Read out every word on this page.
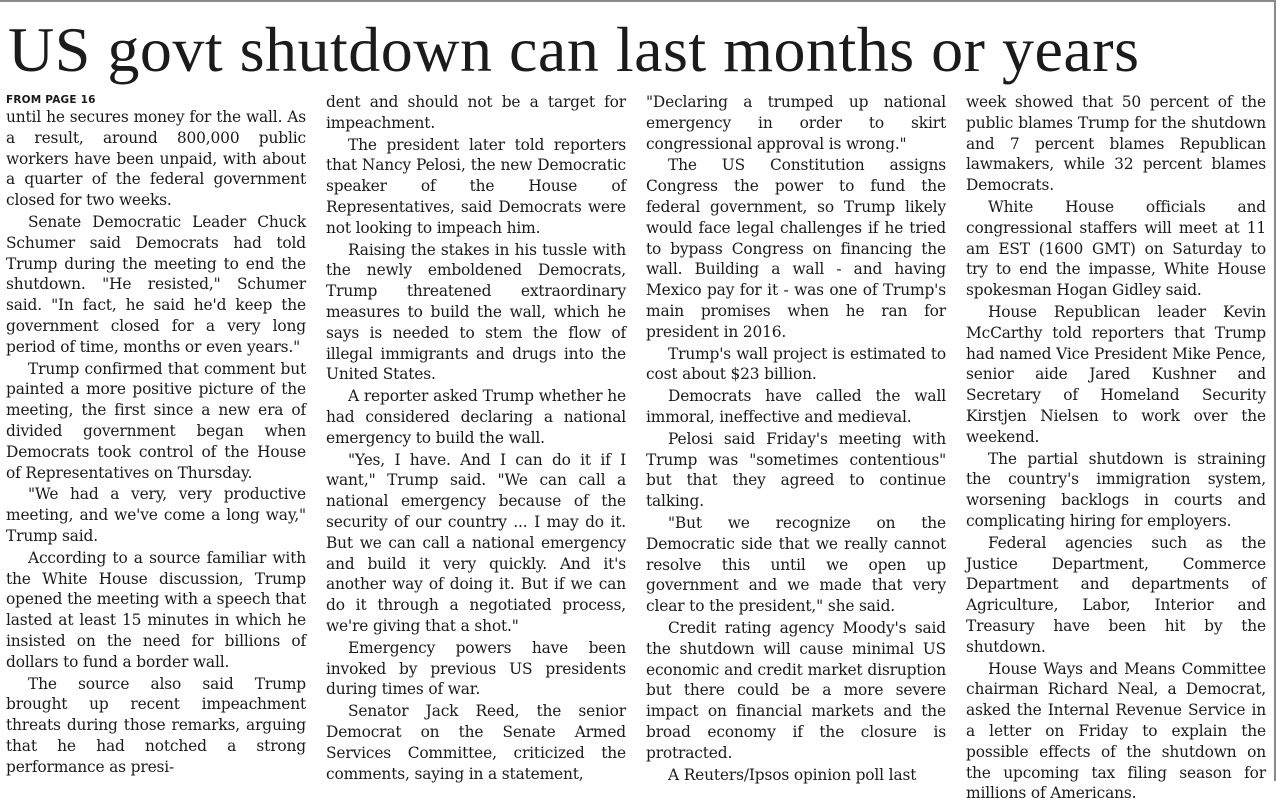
US govt shutdown can last months or years
FROM PAGE 16

until he secures money for the wall. As a result, around 800,000 public workers have been unpaid, with about a quarter of the federal government closed for two weeks.

Senate Democratic Leader Chuck Schumer said Democrats had told Trump during the meeting to end the shutdown. "He resisted," Schumer said. "In fact, he said he'd keep the government closed for a very long period of time, months or even years."

Trump confirmed that comment but painted a more positive picture of the meeting, the first since a new era of divided government began when Democrats took control of the House of Representatives on Thursday.

"We had a very, very productive meeting, and we've come a long way," Trump said.

According to a source familiar with the White House discussion, Trump opened the meeting with a speech that lasted at least 15 minutes in which he insisted on the need for billions of dollars to fund a border wall.

The source also said Trump brought up recent impeachment threats during those remarks, arguing that he had notched a strong performance as presi-

dent and should not be a target for impeachment.

The president later told reporters that Nancy Pelosi, the new Democratic speaker of the House of Representatives, said Democrats were not looking to impeach him.

Raising the stakes in his tussle with the newly emboldened Democrats, Trump threatened extraordinary measures to build the wall, which he says is needed to stem the flow of illegal immigrants and drugs into the United States.

A reporter asked Trump whether he had considered declaring a national emergency to build the wall.

"Yes, I have. And I can do it if I want," Trump said. "We can call a national emergency because of the security of our country ... I may do it. But we can call a national emergency and build it very quickly. And it's another way of doing it. But if we can do it through a negotiated process, we're giving that a shot."

Emergency powers have been invoked by previous US presidents during times of war.

Senator Jack Reed, the senior Democrat on the Senate Armed Services Committee, criticized the comments, saying in a statement,

"Declaring a trumped up national emergency in order to skirt congressional approval is wrong."

The US Constitution assigns Congress the power to fund the federal government, so Trump likely would face legal challenges if he tried to bypass Congress on financing the wall. Building a wall - and having Mexico pay for it - was one of Trump's main promises when he ran for president in 2016.

Trump's wall project is estimated to cost about $23 billion.

Democrats have called the wall immoral, ineffective and medieval.

Pelosi said Friday's meeting with Trump was "sometimes contentious" but that they agreed to continue talking.

"But we recognize on the Democratic side that we really cannot resolve this until we open up government and we made that very clear to the president," she said.

Credit rating agency Moody's said the shutdown will cause minimal US economic and credit market disruption but there could be a more severe impact on financial markets and the broad economy if the closure is protracted.

A Reuters/Ipsos opinion poll last

week showed that 50 percent of the public blames Trump for the shutdown and 7 percent blames Republican lawmakers, while 32 percent blames Democrats.

White House officials and congressional staffers will meet at 11 am EST (1600 GMT) on Saturday to try to end the impasse, White House spokesman Hogan Gidley said.

House Republican leader Kevin McCarthy told reporters that Trump had named Vice President Mike Pence, senior aide Jared Kushner and Secretary of Homeland Security Kirstjen Nielsen to work over the weekend.

The partial shutdown is straining the country's immigration system, worsening backlogs in courts and complicating hiring for employers.

Federal agencies such as the Justice Department, Commerce Department and departments of Agriculture, Labor, Interior and Treasury have been hit by the shutdown.

House Ways and Means Committee chairman Richard Neal, a Democrat, asked the Internal Revenue Service in a letter on Friday to explain the possible effects of the shutdown on the upcoming tax filing season for millions of Americans.
